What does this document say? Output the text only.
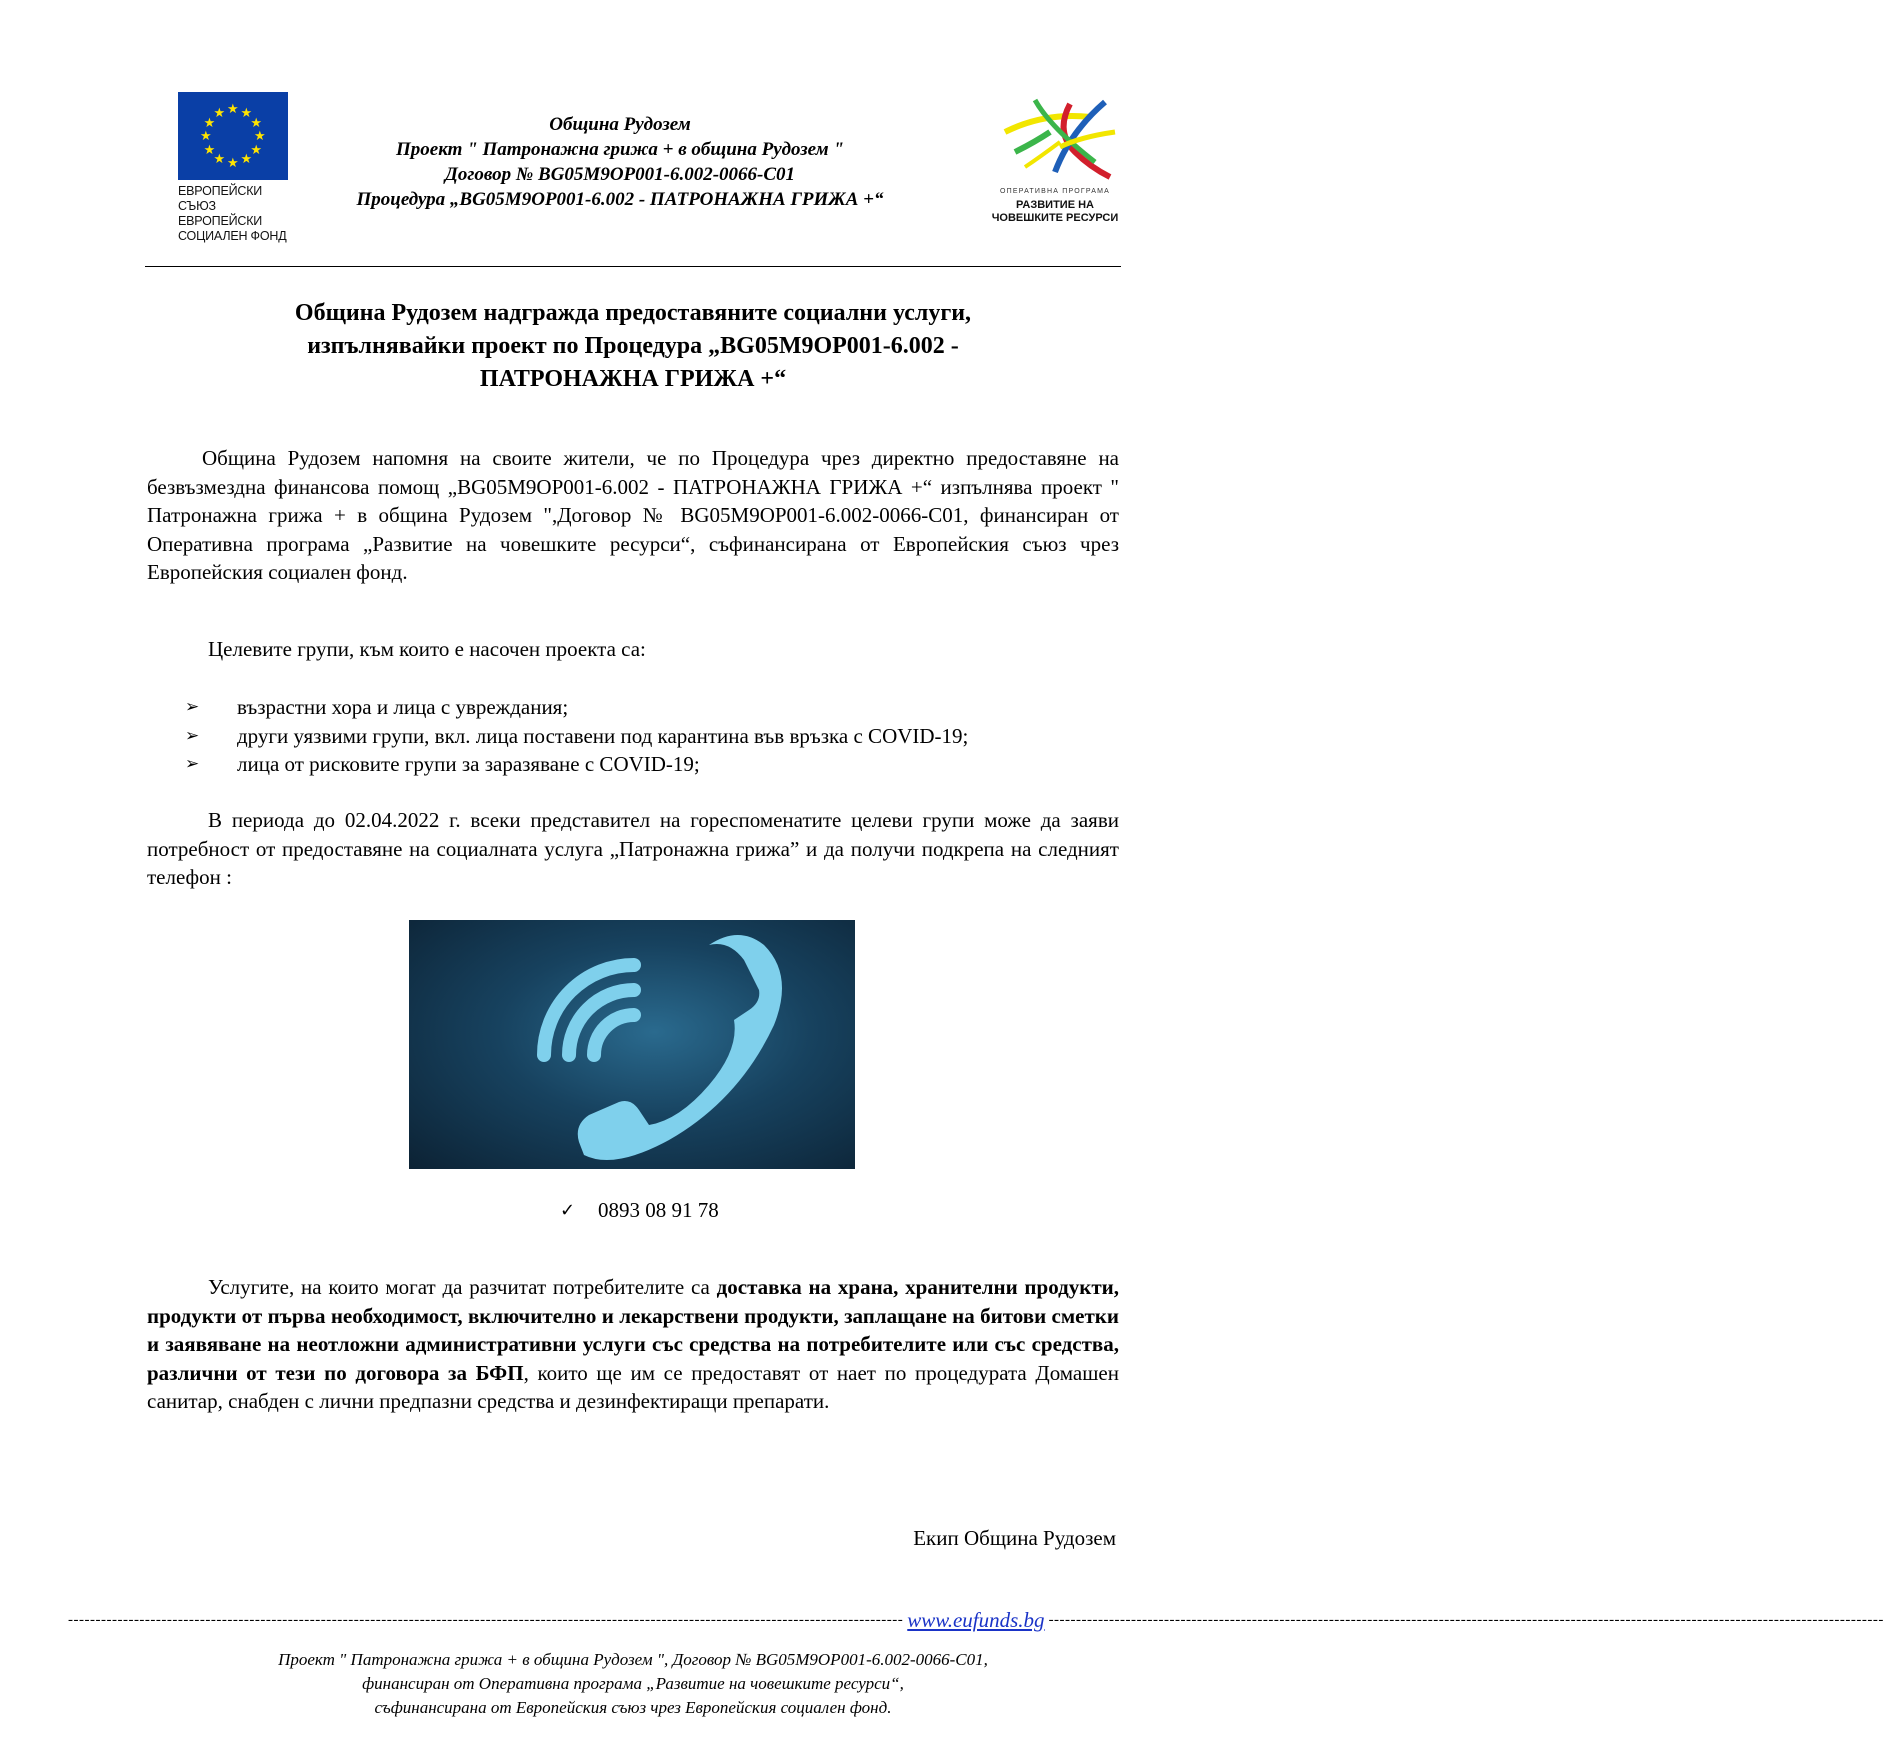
★ ★
★
★
★
★
★
★
★
★
★
★
ЕВРОПЕЙСКИ СЪЮЗ
ЕВРОПЕЙСКИ
СОЦИАЛЕН ФОНД
Община Рудозем
Проект " Патронажна грижа + в община Рудозем "
Договор № BG05M9OP001-6.002-0066-C01
Процедура „BG05M9OP001-6.002 - ПАТРОНАЖНА ГРИЖА +“	ОПЕРАТИВНА ПРОГРАМА
РАЗВИТИЕ НА
ЧОВЕШКИТЕ РЕСУРСИ
Община Рудозем надгражда предоставяните социални услуги,
изпълнявайки проект по Процедура „BG05M9OP001-6.002 -
ПАТРОНАЖНА ГРИЖА +“
Община Рудозем напомня на своите жители, че по Процедура чрез директно предоставяне на безвъзмездна финансова помощ „BG05M9OP001-6.002 - ПАТРОНАЖНА ГРИЖА +“ изпълнява проект " Патронажна грижа + в община Рудозем ",Договор № BG05M9OP001-6.002-0066-C01, финансиран от Оперативна програма „Развитие на човешките ресурси“, съфинансирана от Европейския съюз чрез Европейския социален фонд.
Целевите групи, към които е насочен проекта са:
➢	възрастни хора и лица с увреждания;
➢	други уязвими групи, вкл. лица поставени под карантина във връзка с COVID-19;
➢	лица от рисковите групи за заразяване с COVID-19;
В периода до 02.04.2022 г. всеки представител на гореспоменатите целеви групи може да заяви потребност от предоставяне на социалната услуга „Патронажна грижа” и да получи подкрепа на следният телефон :
✓	0893 08 91 78
Услугите, на които могат да разчитат потребителите са доставка на храна, хранителни продукти, продукти от първа необходимост, включително и лекарствени продукти, заплащане на битови сметки и заявяване на неотложни административни услуги със средства на потребителите или със средства, различни от тези по договора за БФП, които ще им се предоставят от нает по процедурата Домашен санитар, снабден с лични предпазни средства и дезинфектиращи препарати.
Екип Община Рудозем
-------------------------------------------------------------------------------------------------------------------------------------------------------- www.eufunds.bg --------------------------------------------------------------------------------------------------------------------------------------------------------
Проект " Патронажна грижа + в община Рудозем ", Договор № BG05M9OP001-6.002-0066-C01,
финансиран от Оперативна програма „Развитие на човешките ресурси“,
съфинансирана от Европейския съюз чрез Европейския социален фонд.
